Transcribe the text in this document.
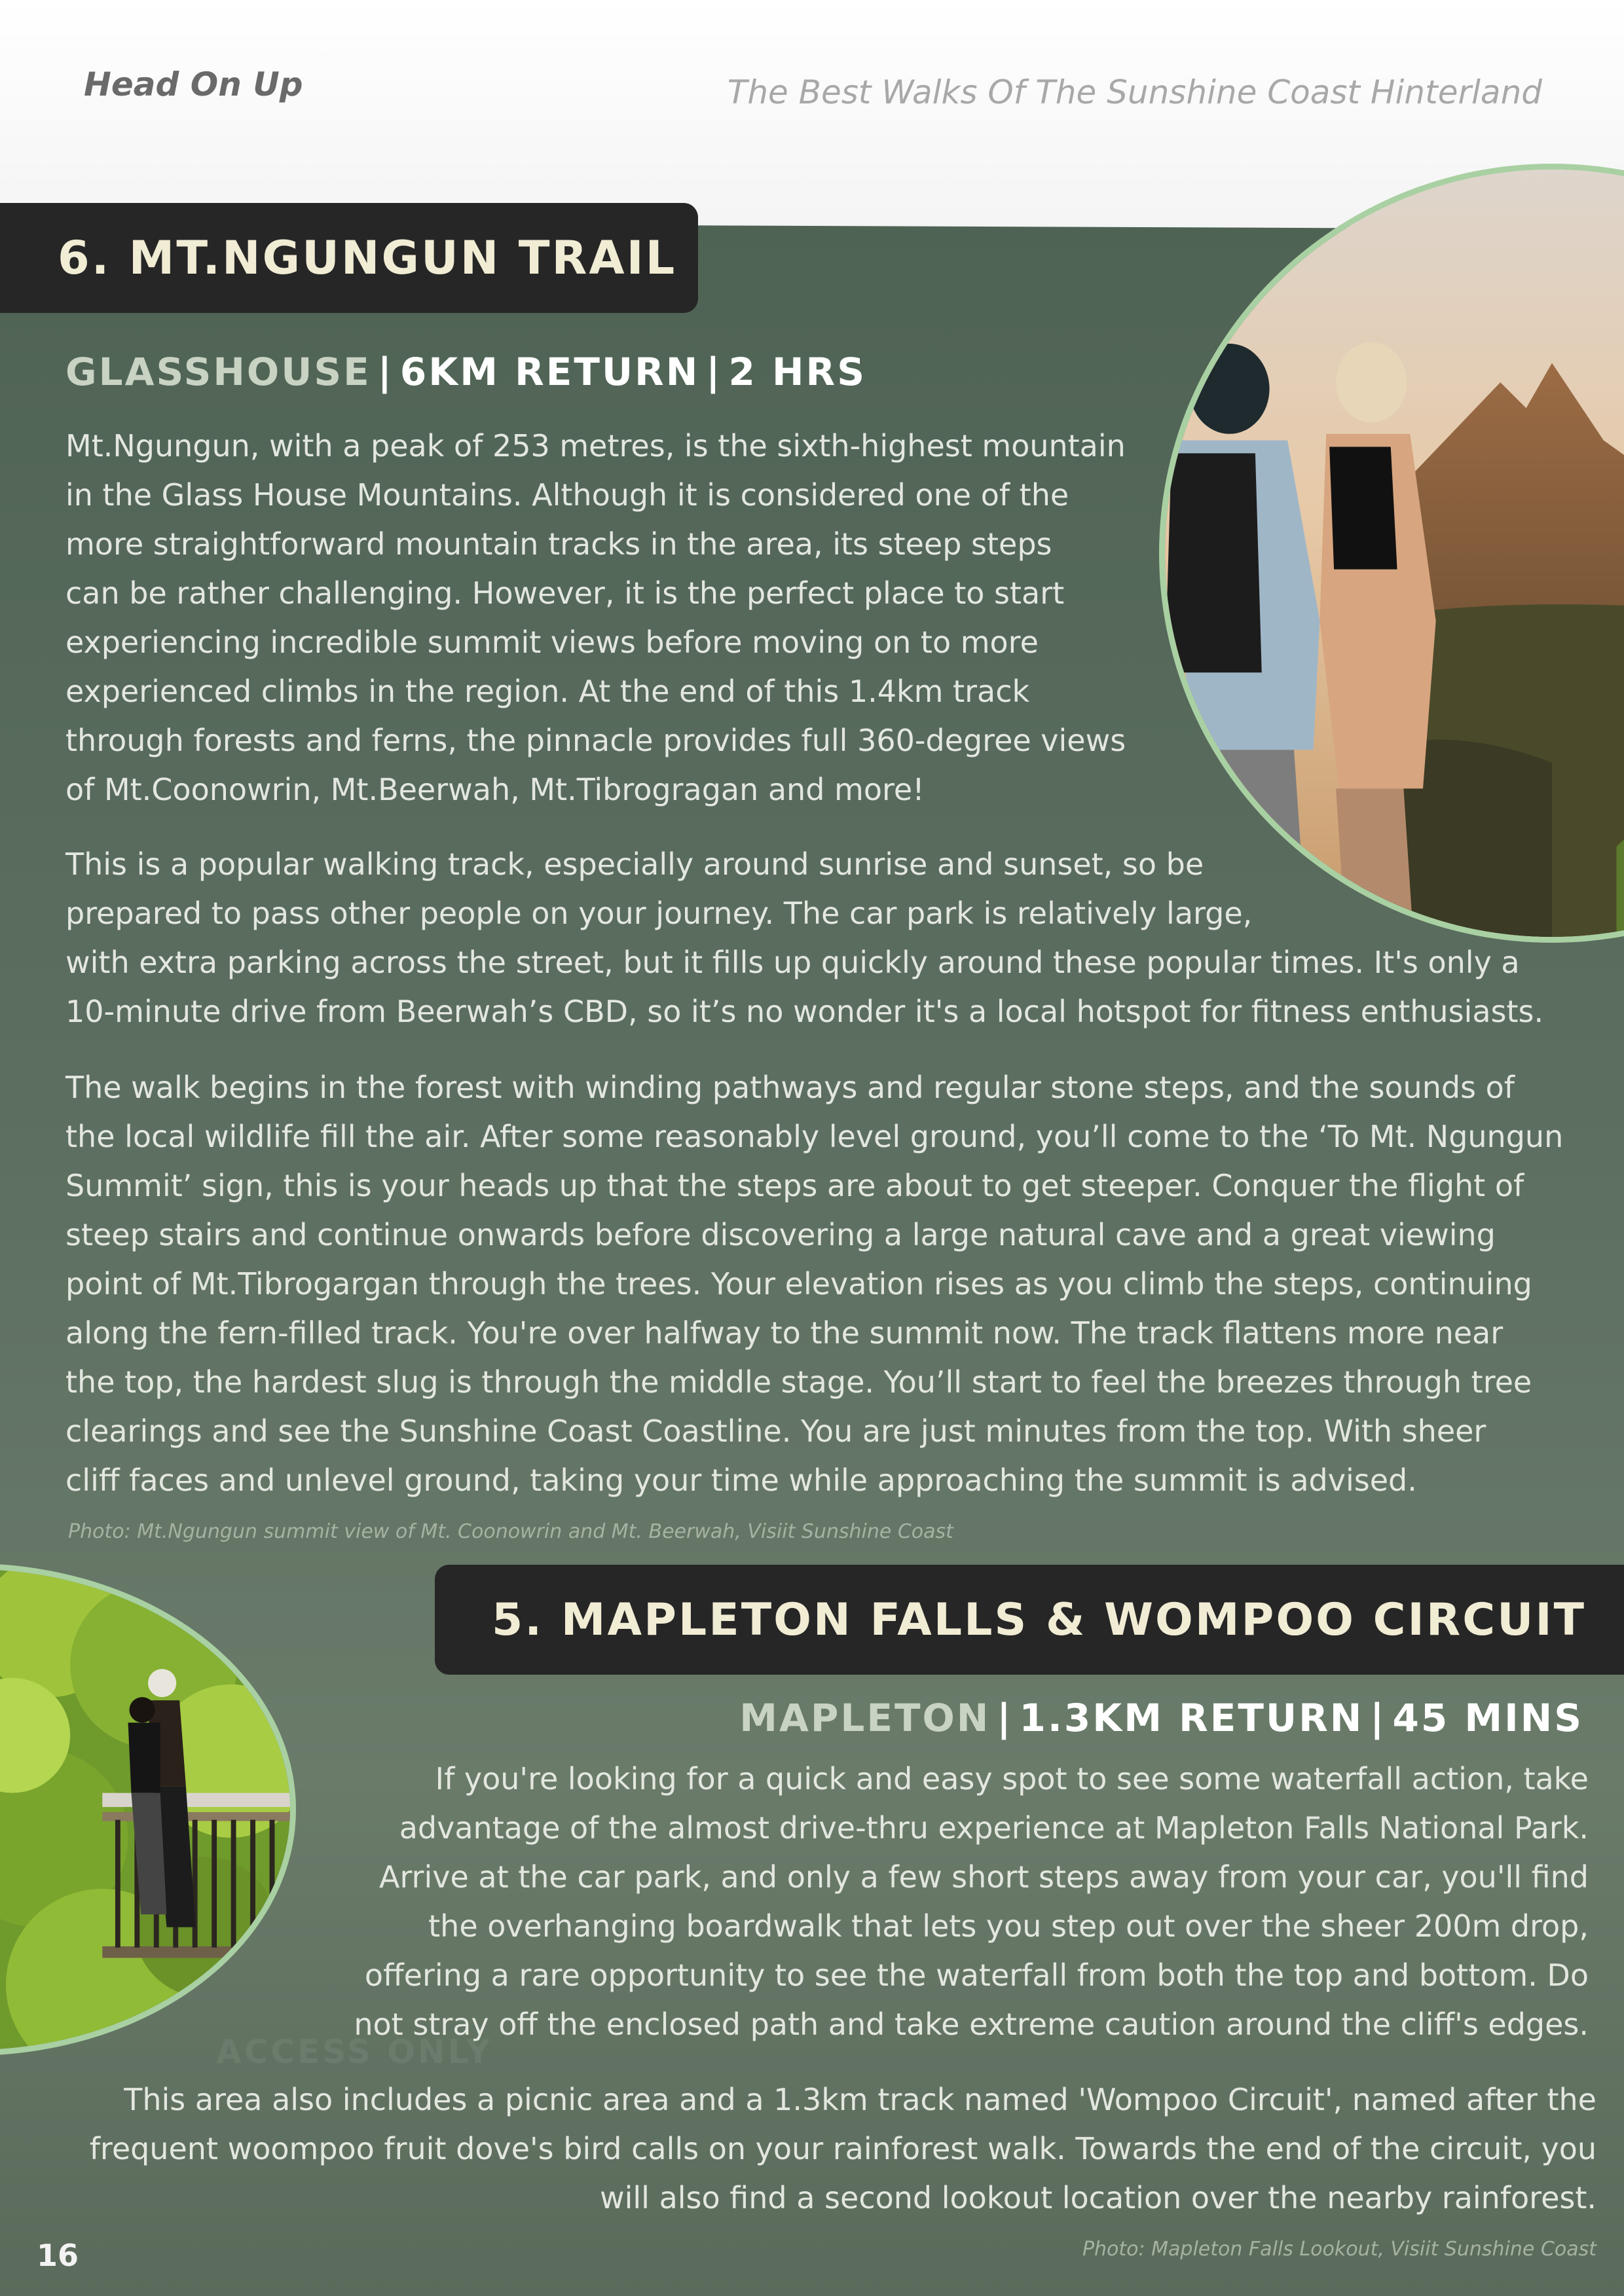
Head On Up	The Best Walks Of The Sunshine Coast Hinterland
6. MT.NGUNGUN TRAIL
GLASSHOUSE | 6KM RETURN | 2 HRS
Mt.Ngungun, with a peak of 253 metres, is the sixth-highest mountain
in the Glass House Mountains. Although it is considered one of the
more straightforward mountain tracks in the area, its steep steps
can be rather challenging. However, it is the perfect place to start
experiencing incredible summit views before moving on to more
experienced climbs in the region. At the end of this 1.4km track
through forests and ferns, the pinnacle provides full 360-degree views
of Mt.Coonowrin, Mt.Beerwah, Mt.Tibrogragan and more!
This is a popular walking track, especially around sunrise and sunset, so be
prepared to pass other people on your journey. The car park is relatively large,
with extra parking across the street, but it fills up quickly around these popular times. It's only a
10-minute drive from Beerwah’s CBD, so it’s no wonder it's a local hotspot for fitness enthusiasts.
The walk begins in the forest with winding pathways and regular stone steps, and the sounds of
the local wildlife fill the air. After some reasonably level ground, you’ll come to the ‘To Mt. Ngungun
Summit’ sign, this is your heads up that the steps are about to get steeper. Conquer the flight of
steep stairs and continue onwards before discovering a large natural cave and a great viewing
point of Mt.Tibrogargan through the trees. Your elevation rises as you climb the steps, continuing
along the fern-filled track. You're over halfway to the summit now. The track flattens more near
the top, the hardest slug is through the middle stage. You’ll start to feel the breezes through tree
clearings and see the Sunshine Coast Coastline. You are just minutes from the top. With sheer
cliff faces and unlevel ground, taking your time while approaching the summit is advised.
Photo: Mt.Ngungun summit view of Mt. Coonowrin and Mt. Beerwah, Visiit Sunshine Coast
5. MAPLETON FALLS & WOMPOO CIRCUIT
MAPLETON | 1.3KM RETURN | 45 MINS
ACCESS ONLY
If you're looking for a quick and easy spot to see some waterfall action, take
advantage of the almost drive-thru experience at Mapleton Falls National Park.
Arrive at the car park, and only a few short steps away from your car, you'll find
the overhanging boardwalk that lets you step out over the sheer 200m drop,
offering a rare opportunity to see the waterfall from both the top and bottom. Do
not stray off the enclosed path and take extreme caution around the cliff's edges.
This area also includes a picnic area and a 1.3km track named 'Wompoo Circuit', named after the
frequent woompoo fruit dove's bird calls on your rainforest walk. Towards the end of the circuit, you
will also find a second lookout location over the nearby rainforest.
Photo: Mapleton Falls Lookout, Visiit Sunshine Coast
16
